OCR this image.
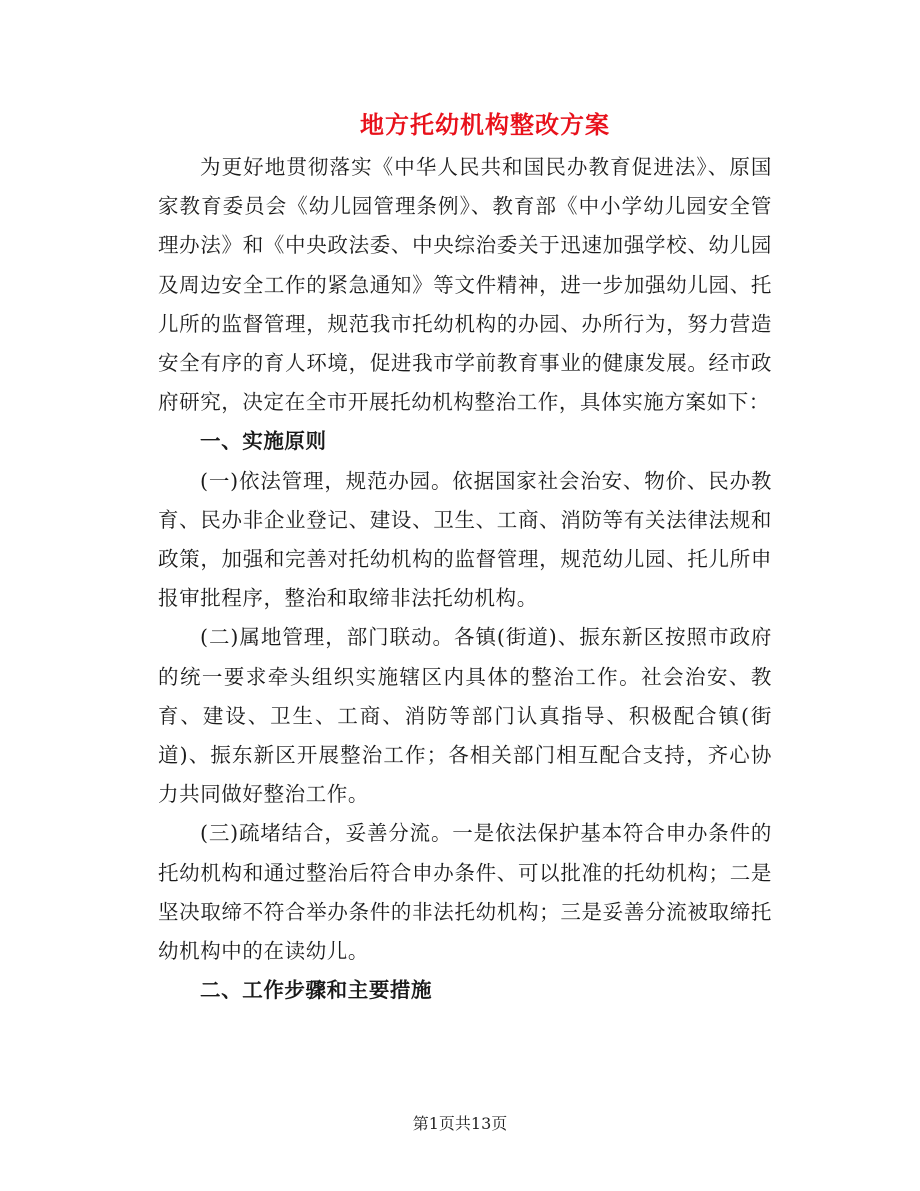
地方托幼机构整改方案

为更好地贯彻落实《中华人民共和国民办教育促进法》、原国家教育委员会《幼儿园管理条例》、教育部《中小学幼儿园安全管理办法》和《中央政法委、中央综治委关于迅速加强学校、幼儿园及周边安全工作的紧急通知》等文件精神，进一步加强幼儿园、托儿所的监督管理，规范我市托幼机构的办园、办所行为，努力营造安全有序的育人环境，促进我市学前教育事业的健康发展。经市政府研究，决定在全市开展托幼机构整治工作，具体实施方案如下：

一、实施原则

(一)依法管理，规范办园。依据国家社会治安、物价、民办教育、民办非企业登记、建设、卫生、工商、消防等有关法律法规和政策，加强和完善对托幼机构的监督管理，规范幼儿园、托儿所申报审批程序，整治和取缔非法托幼机构。

(二)属地管理，部门联动。各镇(街道)、振东新区按照市政府的统一要求牵头组织实施辖区内具体的整治工作。社会治安、教育、建设、卫生、工商、消防等部门认真指导、积极配合镇(街道)、振东新区开展整治工作；各相关部门相互配合支持，齐心协力共同做好整治工作。

(三)疏堵结合，妥善分流。一是依法保护基本符合申办条件的托幼机构和通过整治后符合申办条件、可以批准的托幼机构；二是坚决取缔不符合举办条件的非法托幼机构；三是妥善分流被取缔托幼机构中的在读幼儿。

二、工作步骤和主要措施

第1页共13页
